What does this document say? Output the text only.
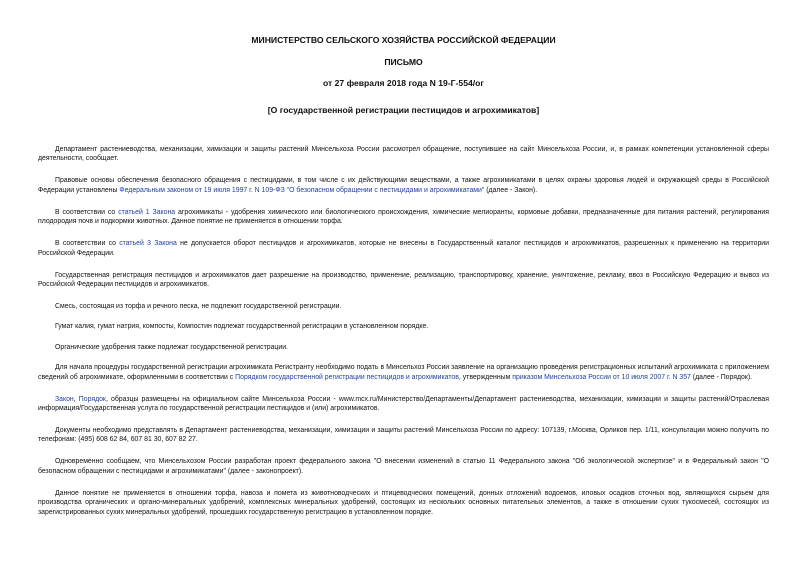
МИНИСТЕРСТВО СЕЛЬСКОГО ХОЗЯЙСТВА РОССИЙСКОЙ ФЕДЕРАЦИИ
ПИСЬМО
от 27 февраля 2018 года N 19-Г-554/ог
[О государственной регистрации пестицидов и агрохимикатов]

Департамент растениеводства, механизации, химизации и защиты растений Минсельхоза России рассмотрел обращение, поступившее на сайт Минсельхоза России, и, в рамках компетенции установленной сферы деятельности, сообщает.

Правовые основы обеспечения безопасного обращения с пестицидами, в том числе с их действующими веществами, а также агрохимикатами в целях охраны здоровья людей и окружающей среды в Российской Федерации установлены Федеральным законом от 19 июля 1997 г. N 109-ФЗ "О безопасном обращении с пестицидами и агрохимикатами" (далее - Закон).

В соответствии со статьей 1 Закона агрохимикаты - удобрения химического или биологического происхождения, химические мелиоранты, кормовые добавки, предназначенные для питания растений, регулирования плодородия почв и подкормки животных. Данное понятие не применяется в отношении торфа.

В соответствии со статьей 3 Закона не допускается оборот пестицидов и агрохимикатов, которые не внесены в Государственный каталог пестицидов и агрохимикатов, разрешенных к применению на территории Российской Федерации.

Государственная регистрация пестицидов и агрохимикатов дает разрешение на производство, применение, реализацию, транспортировку, хранение, уничтожение, рекламу, ввоз в Российскую Федерацию и вывоз из Российской Федерации пестицидов и агрохимикатов.

Смесь, состоящая из торфа и речного песка, не подлежит государственной регистрации.

Гумат калия, гумат натрия, компосты, Компостин подлежат государственной регистрации в установленном порядке.

Органические удобрения также подлежат государственной регистрации.

Для начала процедуры государственной регистрации агрохимиката Регистранту необходимо подать в Минсельхоз России заявление на организацию проведения регистрационных испытаний агрохимиката с приложением сведений об агрохимикате, оформленными в соответствии с Порядком государственной регистрации пестицидов и агрохимикатов, утвержденным приказом Минсельхоза России от 10 июля 2007 г. N 357 (далее - Порядок).

Закон, Порядок, образцы размещены на официальном сайте Минсельхоза России - www.mcx.ru/Министерство/Департаменты/Департамент растениеводства, механизации, химизации и защиты растений/Отраслевая информация/Государственная услуга по государственной регистрации пестицидов и (или) агрохимикатов.

Документы необходимо представлять в Департамент растениеводства, механизации, химизации и защиты растений Минсельхоза России по адресу: 107139, г.Москва, Орликов пер. 1/11, консультации можно получить по телефонам: (495) 608 62 84, 607 81 30, 607 82 27.

Одновременно сообщаем, что Минсельхозом России разработан проект федерального закона "О внесении изменений в статью 11 Федерального закона "Об экологической экспертизе" и в Федеральный закон "О безопасном обращении с пестицидами и агрохимикатами" (далее - законопроект).

Данное понятие не применяется в отношении торфа, навоза и помета из животноводческих и птицеводческих помещений, донных отложений водоемов, иловых осадков сточных вод, являющихся сырьем для производства органических и органо-минеральных удобрений, комплексных минеральных удобрений, состоящих из нескольких основных питательных элементов, а также в отношении сухих тукосмесей, состоящих из зарегистрированных сухих минеральных удобрений, прошедших государственную регистрацию в установленном порядке.
